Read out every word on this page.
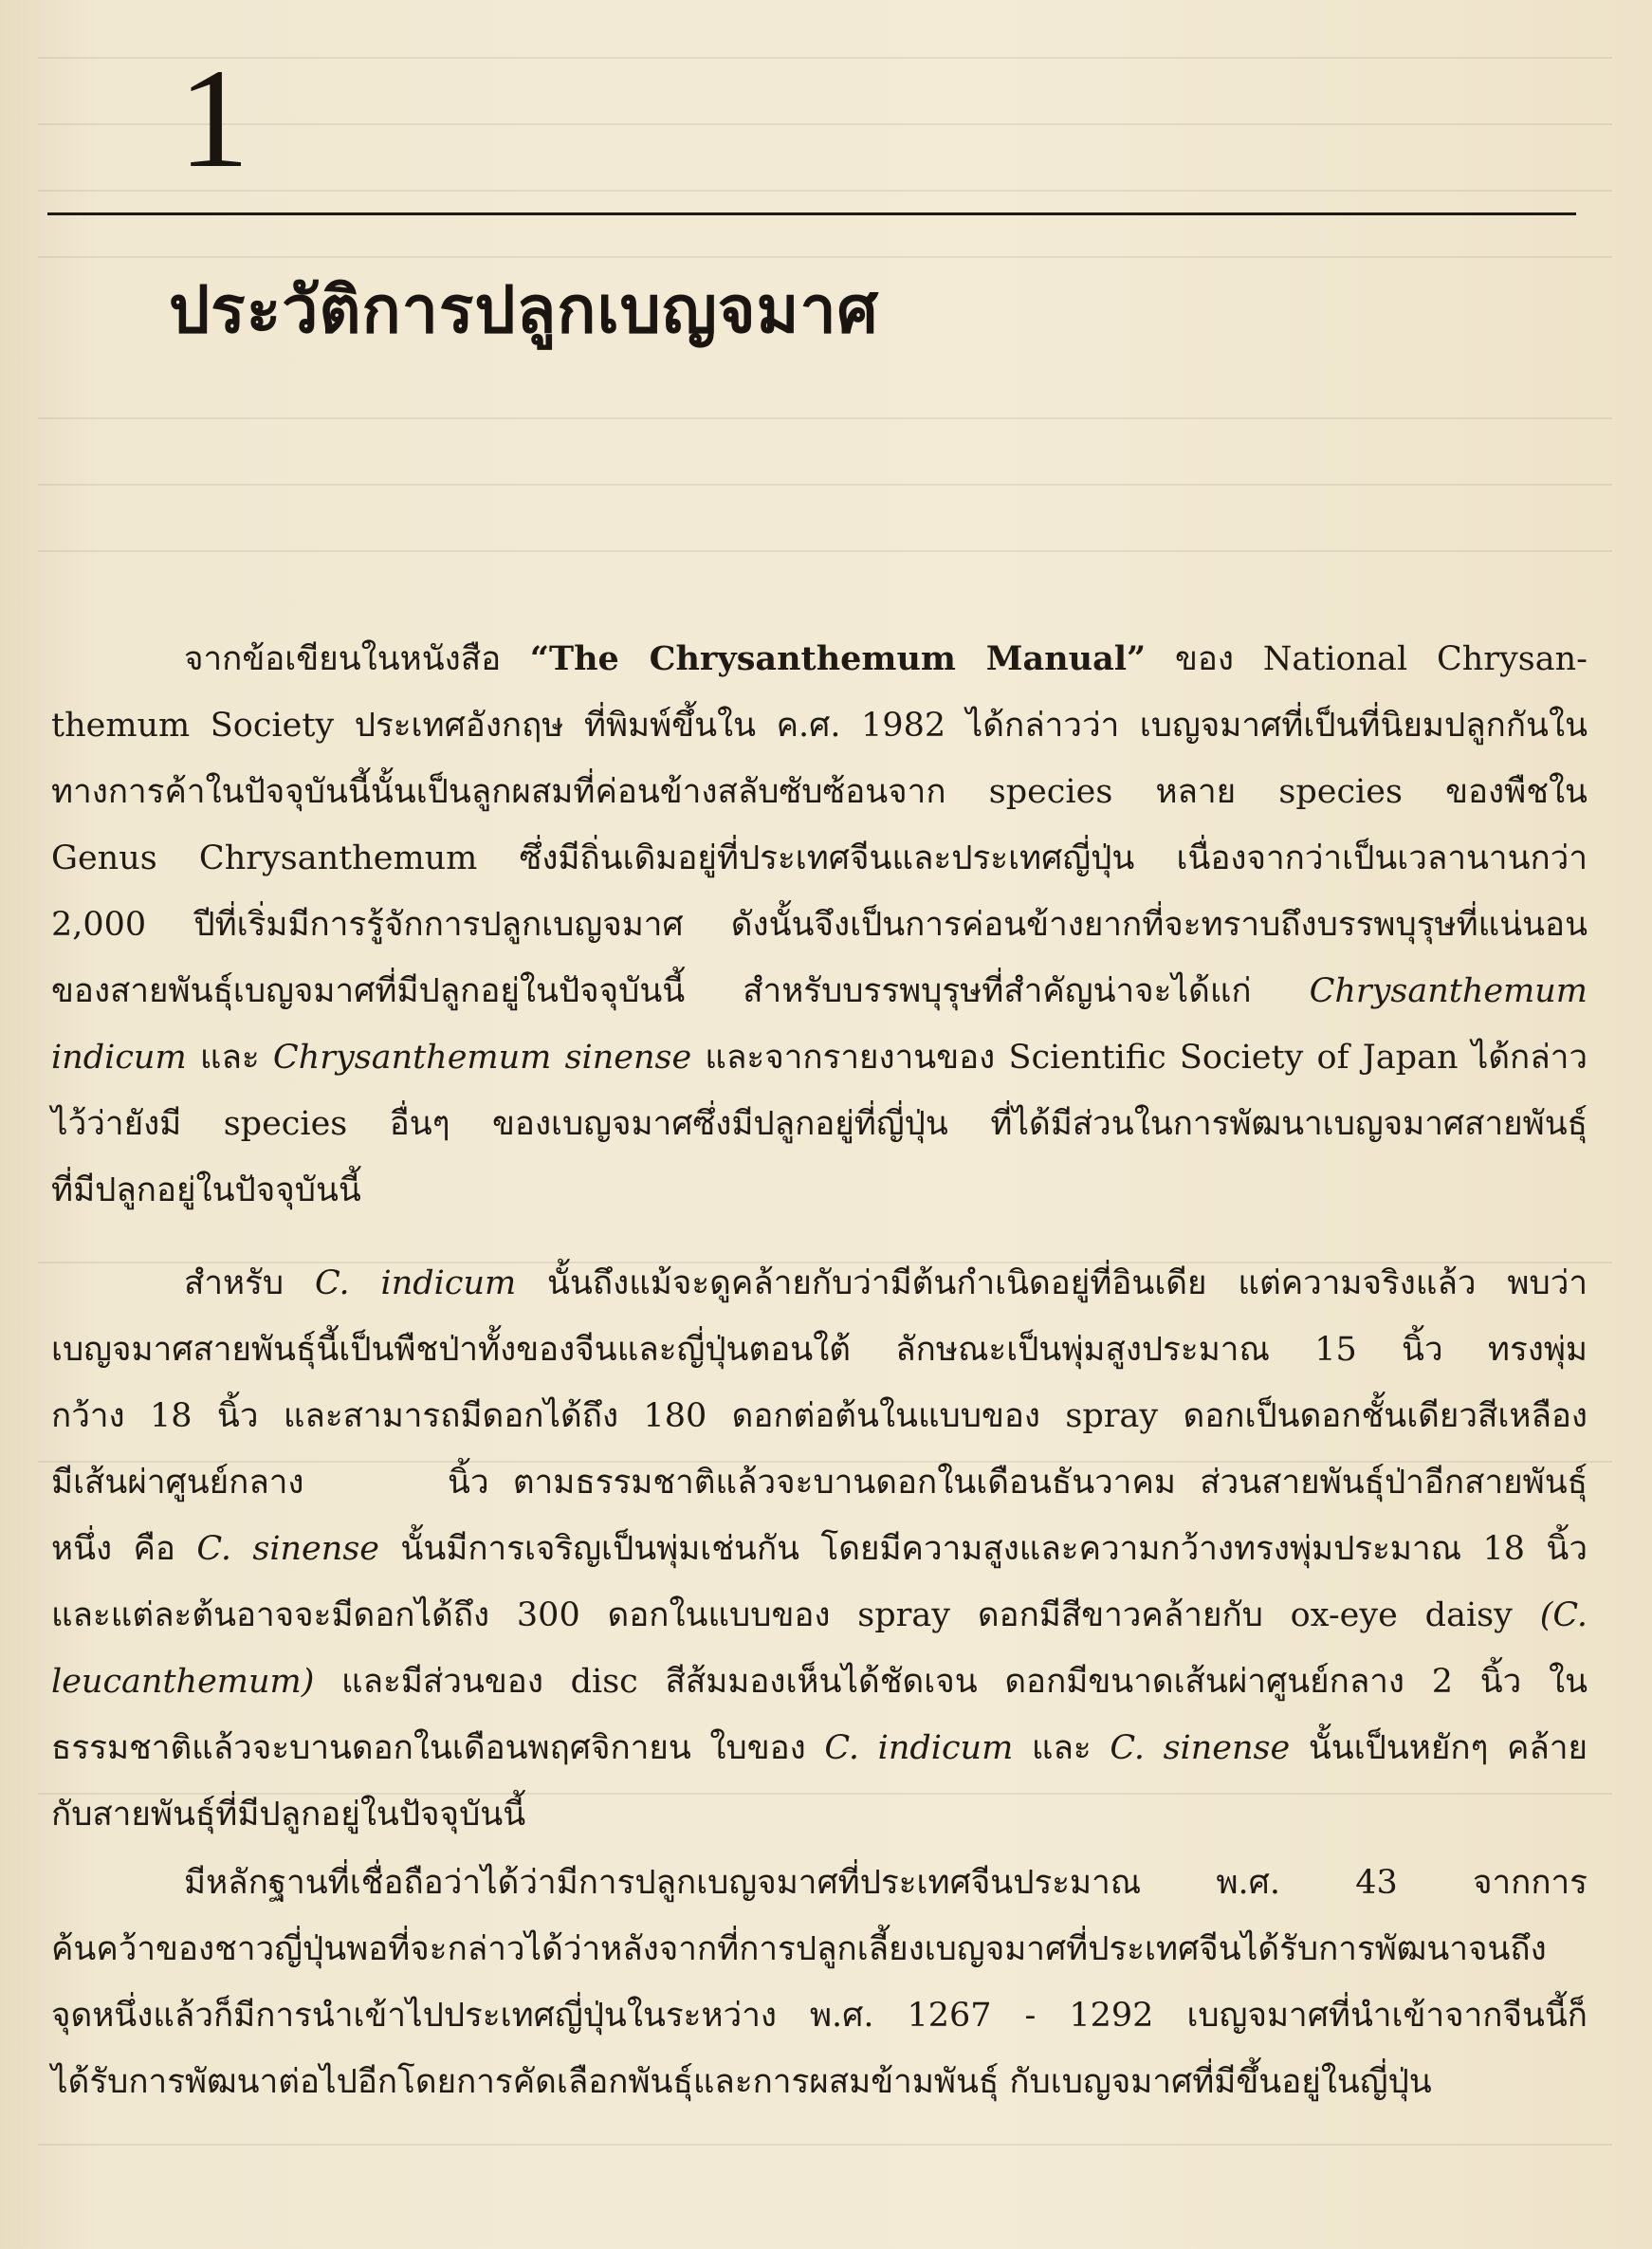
1
ประวัติการปลูกเบญจมาศ
จากข้อเขียนในหนังสือ “The Chrysanthemum Manual” ของ National Chrysan-
themum Society ประเทศอังกฤษ ที่พิมพ์ขึ้นใน ค.ศ. 1982 ได้กล่าวว่า เบญจมาศที่เป็นที่นิยมปลูกกันใน
ทางการค้าในปัจจุบันนี้นั้นเป็นลูกผสมที่ค่อนข้างสลับซับซ้อนจาก species หลาย species ของพืชใน
Genus Chrysanthemum ซึ่งมีถิ่นเดิมอยู่ที่ประเทศจีนและประเทศญี่ปุ่น เนื่องจากว่าเป็นเวลานานกว่า
2,000 ปีที่เริ่มมีการรู้จักการปลูกเบญจมาศ ดังนั้นจึงเป็นการค่อนข้างยากที่จะทราบถึงบรรพบุรุษที่แน่นอน
ของสายพันธุ์เบญจมาศที่มีปลูกอยู่ในปัจจุบันนี้ สำหรับบรรพบุรุษที่สำคัญน่าจะได้แก่ Chrysanthemum
indicum และ Chrysanthemum sinense และจากรายงานของ Scientific Society of Japan ได้กล่าว
ไว้ว่ายังมี species อื่นๆ ของเบญจมาศซึ่งมีปลูกอยู่ที่ญี่ปุ่น ที่ได้มีส่วนในการพัฒนาเบญจมาศสายพันธุ์
ที่มีปลูกอยู่ในปัจจุบันนี้
สำหรับ C. indicum นั้นถึงแม้จะดูคล้ายกับว่ามีต้นกำเนิดอยู่ที่อินเดีย แต่ความจริงแล้ว พบว่า
เบญจมาศสายพันธุ์นี้เป็นพืชป่าทั้งของจีนและญี่ปุ่นตอนใต้ ลักษณะเป็นพุ่มสูงประมาณ 15 นิ้ว ทรงพุ่ม
กว้าง 18 นิ้ว และสามารถมีดอกได้ถึง 180 ดอกต่อต้นในแบบของ spray ดอกเป็นดอกชั้นเดียวสีเหลือง
มีเส้นผ่าศูนย์กลาง      นิ้ว ตามธรรมชาติแล้วจะบานดอกในเดือนธันวาคม ส่วนสายพันธุ์ป่าอีกสายพันธุ์
หนึ่ง คือ C. sinense นั้นมีการเจริญเป็นพุ่มเช่นกัน โดยมีความสูงและความกว้างทรงพุ่มประมาณ 18 นิ้ว
และแต่ละต้นอาจจะมีดอกได้ถึง 300 ดอกในแบบของ spray ดอกมีสีขาวคล้ายกับ ox-eye daisy (C.
leucanthemum) และมีส่วนของ disc สีส้มมองเห็นได้ชัดเจน ดอกมีขนาดเส้นผ่าศูนย์กลาง 2 นิ้ว ใน
ธรรมชาติแล้วจะบานดอกในเดือนพฤศจิกายน ใบของ C. indicum และ C. sinense นั้นเป็นหยักๆ คล้าย
กับสายพันธุ์ที่มีปลูกอยู่ในปัจจุบันนี้
มีหลักฐานที่เชื่อถือว่าได้ว่ามีการปลูกเบญจมาศที่ประเทศจีนประมาณ พ.ศ. 43 จากการ
ค้นคว้าของชาวญี่ปุ่นพอที่จะกล่าวได้ว่าหลังจากที่การปลูกเลี้ยงเบญจมาศที่ประเทศจีนได้รับการพัฒนาจนถึง
จุดหนึ่งแล้วก็มีการนำเข้าไปประเทศญี่ปุ่นในระหว่าง พ.ศ. 1267 - 1292 เบญจมาศที่นำเข้าจากจีนนี้ก็
ได้รับการพัฒนาต่อไปอีกโดยการคัดเลือกพันธุ์และการผสมข้ามพันธุ์ กับเบญจมาศที่มีขึ้นอยู่ในญี่ปุ่น
